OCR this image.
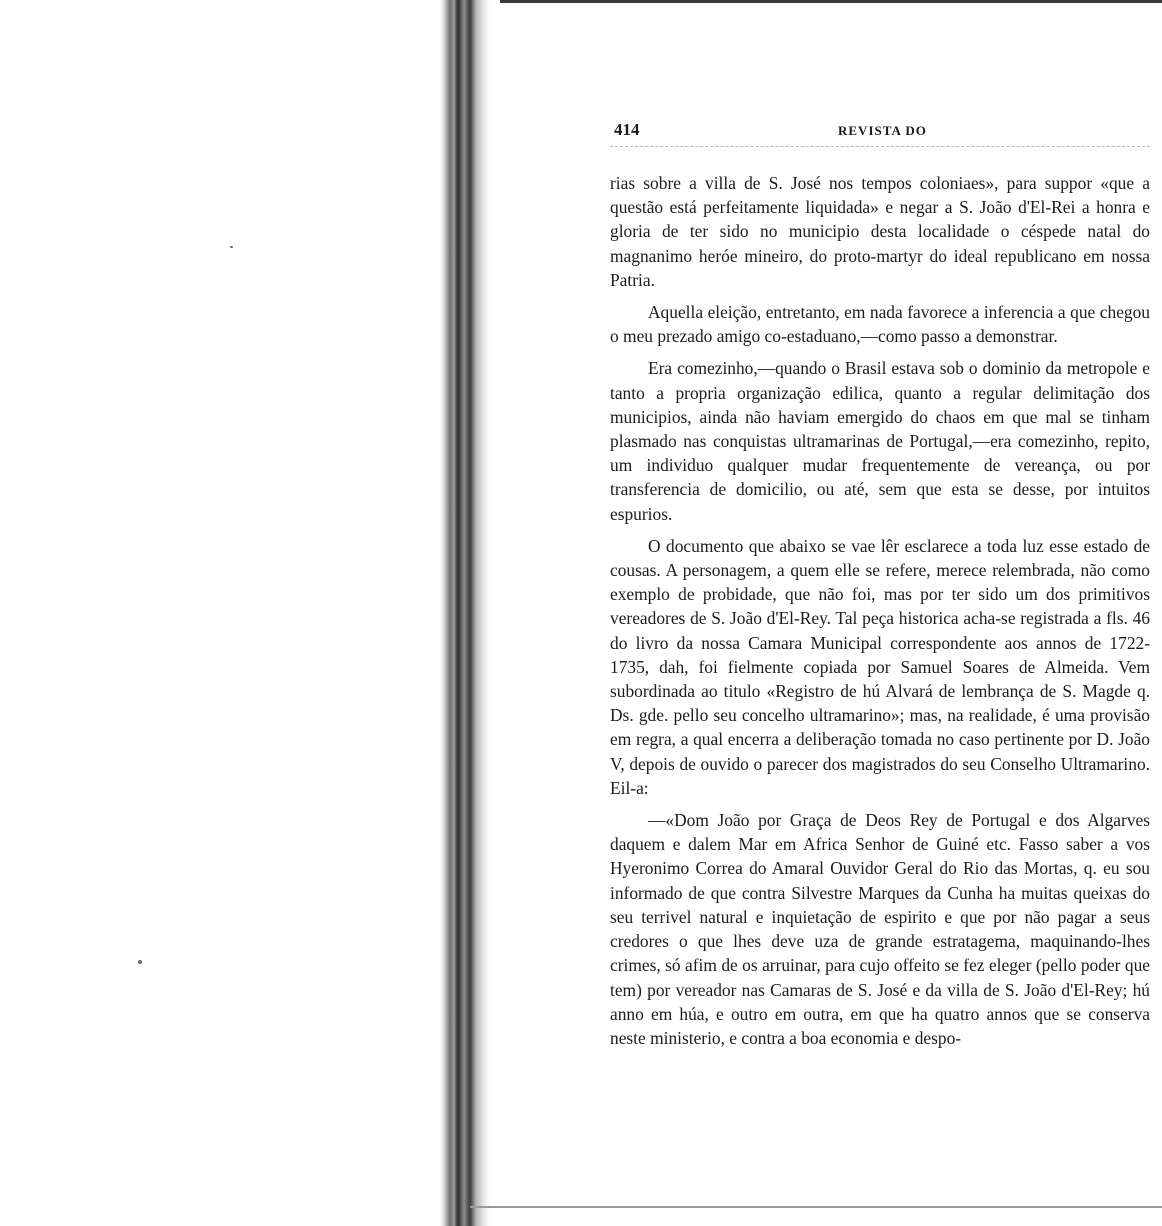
414	REVISTA DO

rias sobre a villa de S. José nos tempos coloniaes», para suppor «que a questão está perfeitamente liquidada» e negar a S. João d'El-Rei a honra e gloria de ter sido no municipio desta localidade o céspede natal do magnanimo heróe mineiro, do proto-martyr do ideal republicano em nossa Patria.

Aquella eleição, entretanto, em nada favorece a inferencia a que chegou o meu prezado amigo co-estaduano,—como passo a demonstrar.

Era comezinho,—quando o Brasil estava sob o dominio da metropole e tanto a propria organização edilica, quanto a regular delimitação dos municipios, ainda não haviam emergido do chaos em que mal se tinham plasmado nas conquistas ultramarinas de Portugal,—era comezinho, repito, um individuo qualquer mudar frequentemente de vereança, ou por transferencia de domicilio, ou até, sem que esta se desse, por intuitos espurios.

O documento que abaixo se vae lêr esclarece a toda luz esse estado de cousas. A personagem, a quem elle se refere, merece relembrada, não como exemplo de probidade, que não foi, mas por ter sido um dos primitivos vereadores de S. João d'El-Rey. Tal peça historica acha-se registrada a fls. 46 do livro da nossa Camara Municipal correspondente aos annos de 1722-1735, dah, foi fielmente copiada por Samuel Soares de Almeida. Vem subordinada ao titulo «Registro de hú Alvará de lembrança de S. Magde q. Ds. gde. pello seu concelho ultramarino»; mas, na realidade, é uma provisão em regra, a qual encerra a deliberação tomada no caso pertinente por D. João V, depois de ouvido o parecer dos magistrados do seu Conselho Ultramarino. Eil-a:

—«Dom João por Graça de Deos Rey de Portugal e dos Algarves daquem e dalem Mar em Africa Senhor de Guiné etc. Fasso saber a vos Hyeronimo Correa do Amaral Ouvidor Geral do Rio das Mortas, q. eu sou informado de que contra Silvestre Marques da Cunha ha muitas queixas do seu terrivel natural e inquietação de espirito e que por não pagar a seus credores o que lhes deve uza de grande estratagema, maquinando-lhes crimes, só afim de os arruinar, para cujo offeito se fez eleger (pello poder que tem) por vereador nas Camaras de S. José e da villa de S. João d'El-Rey; hú anno em húa, e outro em outra, em que ha quatro annos que se conserva neste ministerio, e contra a boa economia e despo-
